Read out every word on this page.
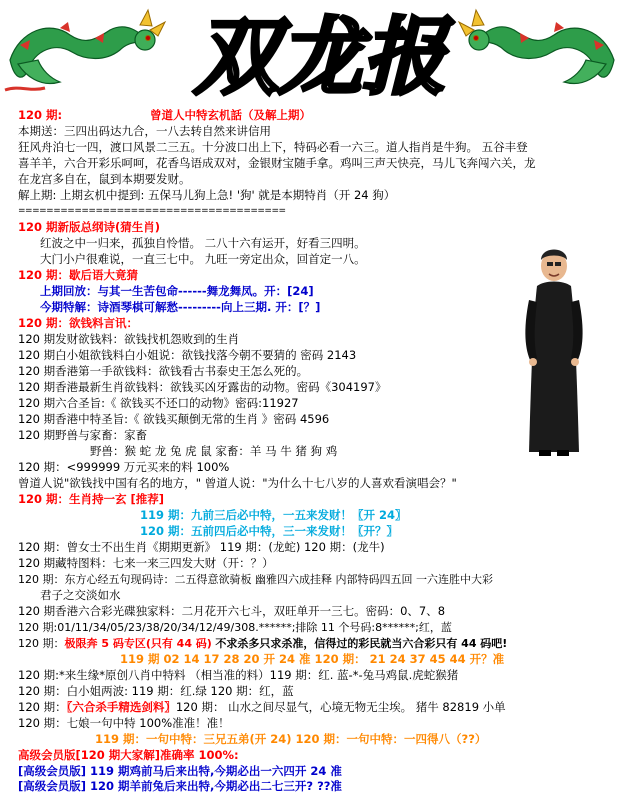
双龙报
120 期:	曾道人中特玄机話（及解上期）
本期送：三四出码达九合，一八去转自然来讲信用
狂风舟泊七一四，渡口风景二三五。十分波口出上下，特码必看一六三。道人指肖是牛狗。 五谷丰登
喜羊羊，六合开彩乐呵呵，花香鸟语成双对，金银财宝随手拿。鸡叫三声天快亮，马儿飞奔闯六关，龙
在龙宫多自在，鼠到本期要发财。
解上期: 上期玄机中提到: 五保马儿狗上急! '狗' 就是本期特肖（开 24 狗）
======================================
120 期新版总纲诗(猜生肖)
红波之中一归来，孤独自怜惜。 二八十六有运开，好看三四明。
大门小户很难说，一直三七中。 九旺一旁定出众，回首定一八。
120 期：歇后语大竟猜
上期回放：与其一生苦包命------舞龙舞凤。开：[24]
今期特解：诗酒琴棋可解愁---------向上三期. 开：[？]
120 期：欲钱料言讯：
120 期发财欲钱料：欲钱找机怨败到的生肖
120 期白小姐欲钱料白小姐说：欲钱找落今朝不要猜的 密码 2143
120 期香港第一手欲钱料：欲钱看古书泰史王怎么死的。
120 期香港最新生肖欲钱料：欲钱买凶牙露齿的动物。密码《304197》
120 期六合圣旨:《 欲钱买不还口的动物》密码:11927
120 期香港中特圣旨:《 欲钱买颠倒无常的生肖 》密码 4596
120 期野兽与家畜：家畜
野兽：猴 蛇 龙 兔 虎 鼠 家畜：羊 马 牛 猪 狗 鸡
120 期：<999999 万元买来的料 100%
曾道人说"欲钱找中国有名的地方，" 曾道人说："为什么十七八岁的人喜欢看演唱会？"
120 期：生肖持一玄 [推荐]
119 期：九前三后必中特，一五来发财！〖开 24〗
120 期：五前四后必中特，三一来发财！〖开？〗
120 期：曾女士不出生肖《期期更新》 119 期：(龙蛇) 120 期：(龙牛)
120 期藏特图料：七来一来三四发大财（开：？）
120 期：东方心经五句现码诗：二五得意欲骑板 幽雅四六成挂释 内部特码四五回 一六连胜中大彩
君子之交淡如水
120 期香港六合彩光碟独家料：二月花开六七斗，双旺单开一三七。密码：0、7、8
120 期:01/11/34/05/23/38/20/34/12/49/308.******;排除 11 个号码:8******;红，蓝
120 期：极限奔 5 码专区(只有 44 码) 不求杀多只求杀准，信得过的彩民就当六合彩只有 44 码吧!
119 期 02 14 17 28 20 开 24 准 120 期： 21 24 37 45 44 开？准
120 期:*来生缘*原创八肖中特料 （相当准的料）119 期：红. 蓝-*-兔马鸡鼠.虎蛇猴猪
120 期：白小姐两波: 119 期：红.绿 120 期：红，蓝
120 期：〖六合杀手精选剑料〗120 期： 山水之间尽显气，心境无物无尘埃。 猪牛 82819 小单
120 期：七娘一句中特 100%准准！准！
119 期：一句中特：三兄五弟(开 24) 120 期：一句中特：一四得八（??）
高级会员版[120 期大家解]准确率 100%:
[高级会员版] 119 期鸡前马后来出特,今期必出一六四开 24 准
[高级会员版] 120 期羊前兔后来出特,今期必出二七三开? ??准
